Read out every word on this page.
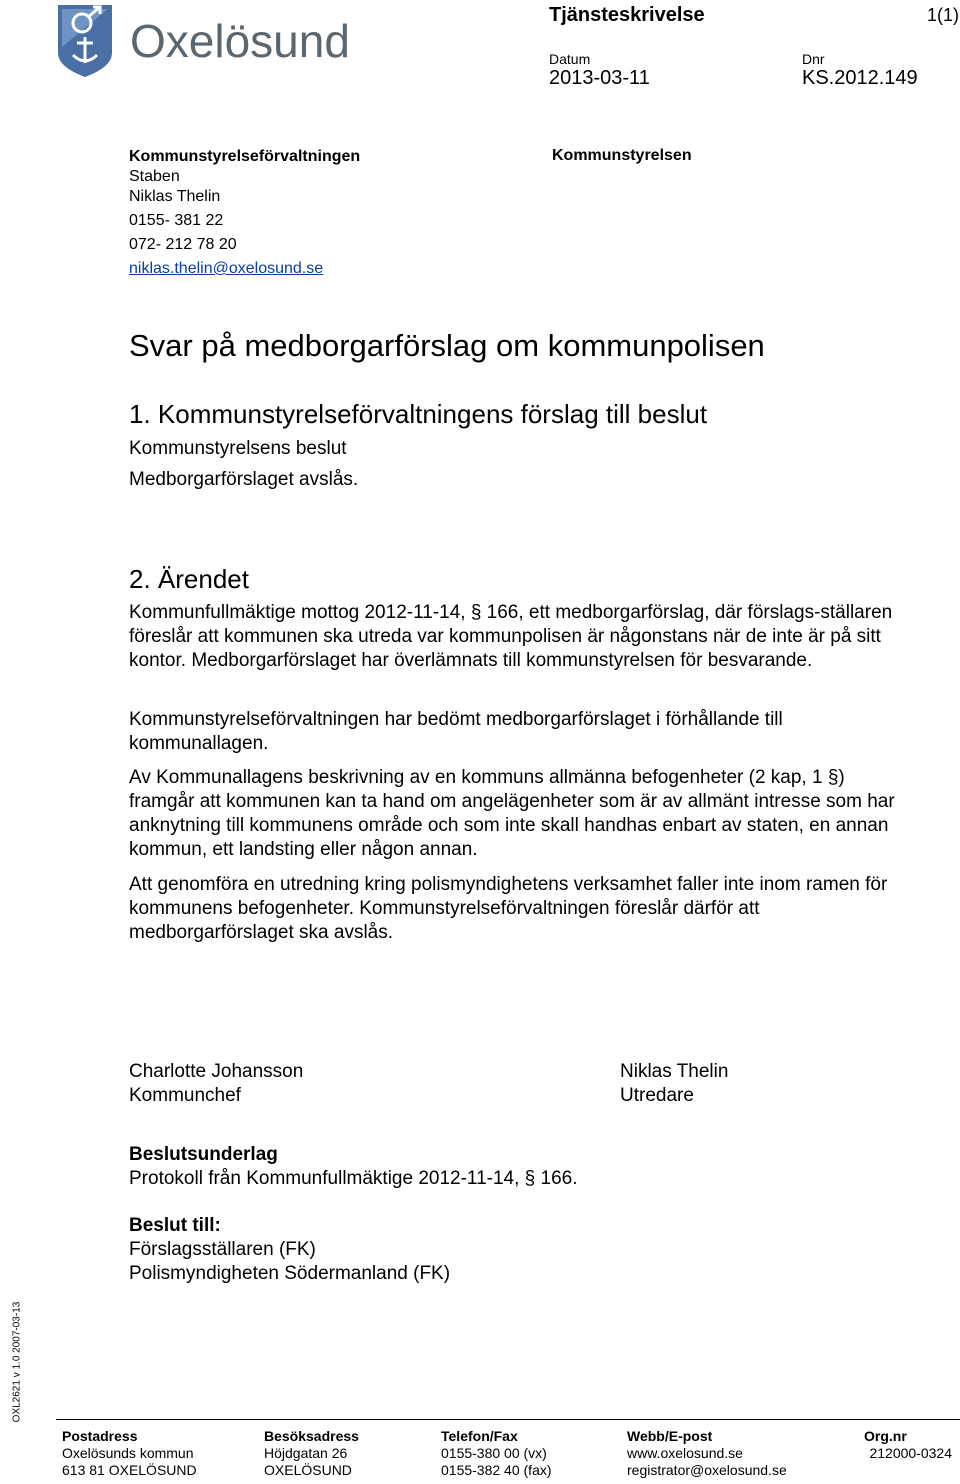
Oxelösund	Tjänsteskrivelse	1(1)
Datum
2013-03-11
Dnr
KS.2012.149
Kommunstyrelseförvaltningen
Staben
Niklas Thelin
0155- 381 22
072- 212 78 20
niklas.thelin@oxelosund.se
Kommunstyrelsen
Svar på medborgarförslag om kommunpolisen
1. Kommunstyrelseförvaltningens förslag till beslut
Kommunstyrelsens beslut
Medborgarförslaget avslås.
2. Ärendet
Kommunfullmäktige mottog 2012-11-14, § 166, ett medborgarförslag, där förslags-ställaren föreslår att kommunen ska utreda var kommunpolisen är någonstans när de inte är på sitt kontor. Medborgarförslaget har överlämnats till kommunstyrelsen för besvarande.
Kommunstyrelseförvaltningen har bedömt medborgarförslaget i förhållande till kommunallagen.
Av Kommunallagens beskrivning av en kommuns allmänna befogenheter (2 kap, 1 §) framgår att kommunen kan ta hand om angelägenheter som är av allmänt intresse som har anknytning till kommunens område och som inte skall handhas enbart av staten, en annan kommun, ett landsting eller någon annan.
Att genomföra en utredning kring polismyndighetens verksamhet faller inte inom ramen för kommunens befogenheter. Kommunstyrelseförvaltningen föreslår därför att medborgarförslaget ska avslås.
Charlotte Johansson
Kommunchef
Niklas Thelin
Utredare
Beslutsunderlag
Protokoll från Kommunfullmäktige 2012-11-14, § 166.
Beslut till:
Förslagsställaren (FK)
Polismyndigheten Södermanland (FK)
OXL2621 v 1.0 2007-03-13
Postadress
Oxelösunds kommun
613 81 OXELÖSUND
Besöksadress
Höjdgatan 26
OXELÖSUND
Telefon/Fax
0155-380 00 (vx)
0155-382 40 (fax)
Webb/E-post
www.oxelosund.se
registrator@oxelosund.se
Org.nr
212000-0324
